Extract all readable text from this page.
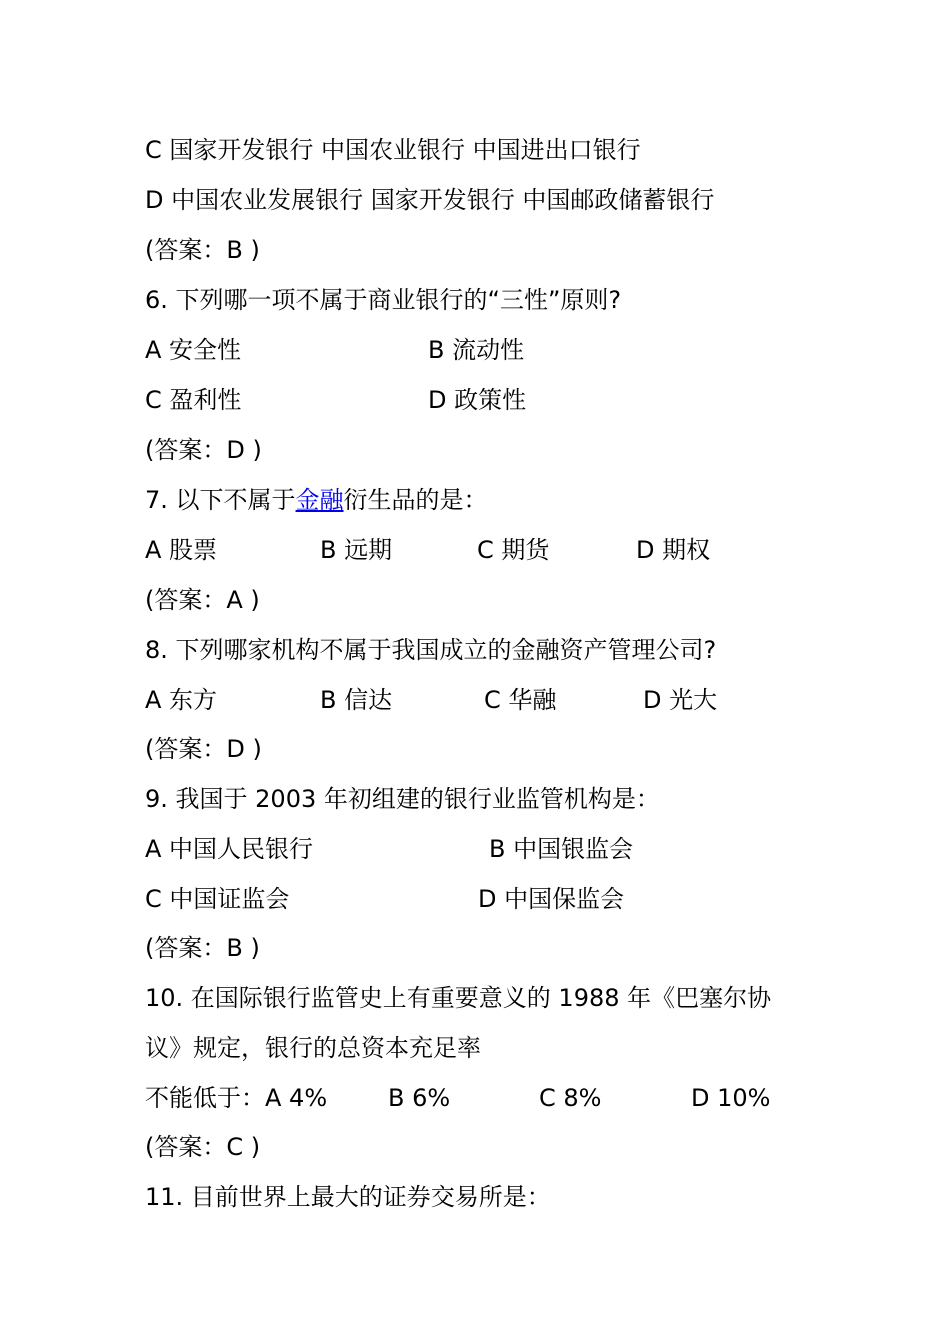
C 国家开发银行 中国农业银行 中国进出口银行
D 中国农业发展银行 国家开发银行 中国邮政储蓄银行
(答案：B )
6. 下列哪一项不属于商业银行的“三性”原则?
A 安全性	B 流动性
C 盈利性	D 政策性
(答案：D )
7. 以下不属于金融衍生品的是：
A 股票	B 远期	C 期货	D 期权
(答案：A )
8. 下列哪家机构不属于我国成立的金融资产管理公司?
A 东方	B 信达	C 华融	D 光大
(答案：D )
9. 我国于 2003 年初组建的银行业监管机构是：
A 中国人民银行	B 中国银监会
C 中国证监会	D 中国保监会
(答案：B )
10. 在国际银行监管史上有重要意义的 1988 年《巴塞尔协
议》规定，银行的总资本充足率
不能低于：A 4%	B 6%	C 8%	D 10%
(答案：C )
11. 目前世界上最大的证券交易所是：
